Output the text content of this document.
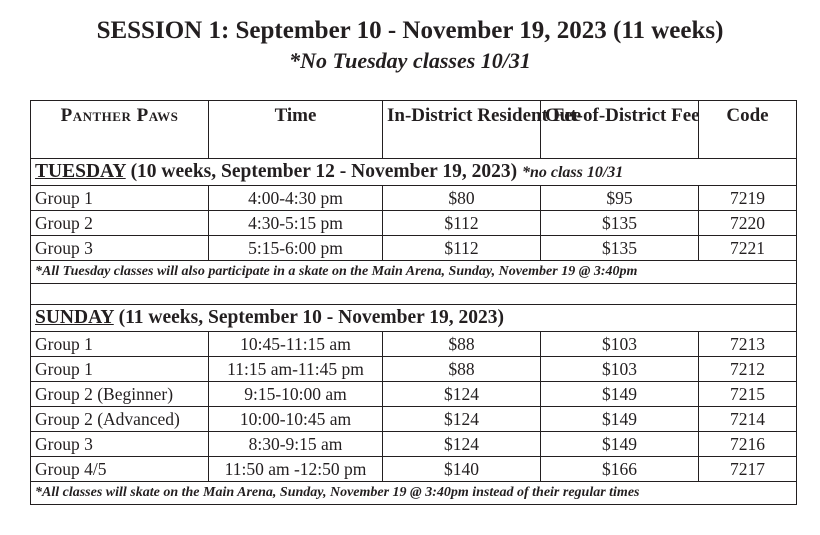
SESSION 1: September 10 - November 19, 2023 (11 weeks)
*No Tuesday classes 10/31
Panther Paws	Time	In-District Resident Fee	Out-of-District Fee	Code
TUESDAY (10 weeks, September 12 - November 19, 2023) *no class 10/31				
Group 1	4:00-4:30 pm	$80	$95	7219
Group 2	4:30-5:15 pm	$112	$135	7220
Group 3	5:15-6:00 pm	$112	$135	7221
*All Tuesday classes will also participate in a skate on the Main Arena, Sunday, November 19 @ 3:40pm				

SUNDAY (11 weeks, September 10 - November 19, 2023)				
Group 1	10:45-11:15 am	$88	$103	7213
Group 1	11:15 am-11:45 pm	$88	$103	7212
Group 2 (Beginner)	9:15-10:00 am	$124	$149	7215
Group 2 (Advanced)	10:00-10:45 am	$124	$149	7214
Group 3	8:30-9:15 am	$124	$149	7216
Group 4/5	11:50 am -12:50 pm	$140	$166	7217
*All classes will skate on the Main Arena, Sunday, November 19 @ 3:40pm instead of their regular times				
